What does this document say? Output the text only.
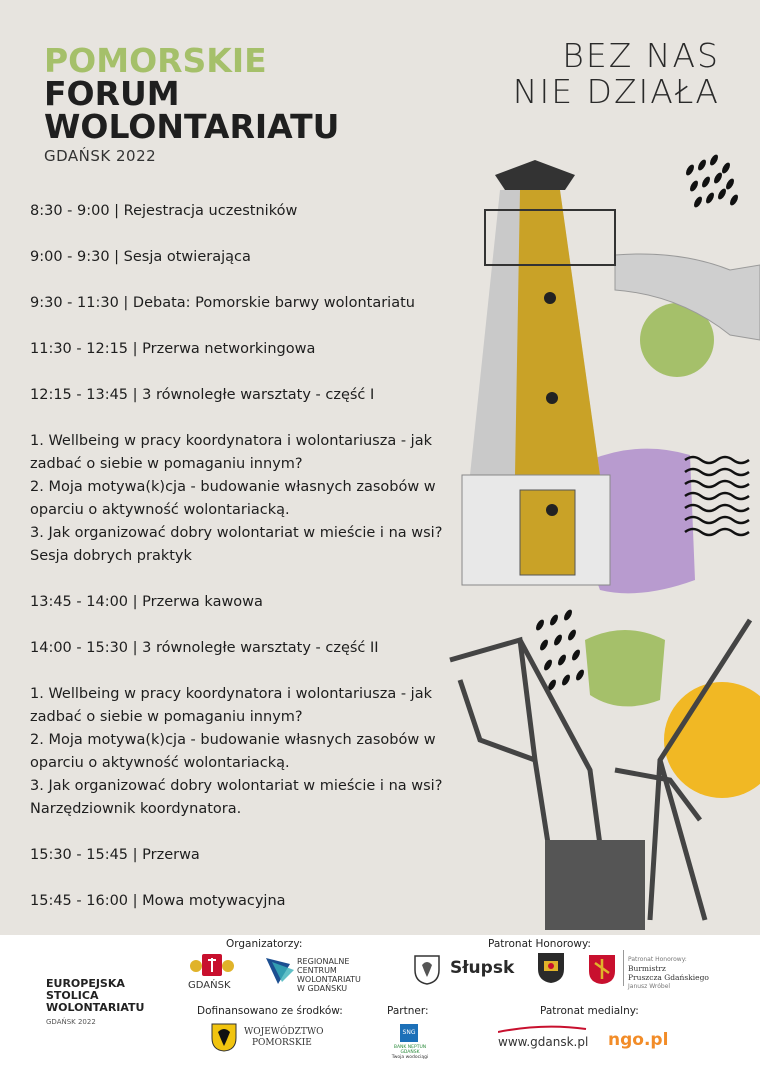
POMORSKIE
FORUM
WOLONTARIATU
GDAŃSK 2022
BEZ NAS
NIE DZIAŁA
8:30 - 9:00 | Rejestracja uczestników
9:00 - 9:30 | Sesja otwierająca
9:30 - 11:30 | Debata: Pomorskie barwy wolontariatu
11:30 - 12:15 | Przerwa networkingowa
12:15 - 13:45 | 3 równoległe warsztaty - część I
1. Wellbeing w pracy koordynatora i wolontariusza - jak zadbać o siebie w pomaganiu innym?
2. Moja motywa(k)cja - budowanie własnych zasobów w oparciu o aktywność wolontariacką.
3. Jak organizować dobry wolontariat w mieście i na wsi? Sesja dobrych praktyk
13:45 - 14:00 | Przerwa kawowa
14:00 - 15:30 | 3 równoległe warsztaty - część II
1. Wellbeing w pracy koordynatora i wolontariusza - jak zadbać o siebie w pomaganiu innym?
2. Moja motywa(k)cja - budowanie własnych zasobów w oparciu o aktywność wolontariacką.
3. Jak organizować dobry wolontariat w mieście i na wsi? Narzędziownik koordynatora.
15:30 - 15:45 | Przerwa
15:45 - 16:00 | Mowa motywacyjna
EUROPEJSKA
STOLICA
WOLONTARIATU
GDAŃSK 2022
Organizatorzy:
GDAŃSK
REGIONALNE
CENTRUM
WOLONTARIATU
W GDAŃSKU
Patronat Honorowy:
Słupsk	Patronat Honorowy:
Burmistrz
Pruszcza Gdańskiego
Janusz Wróbel
Dofinansowano ze środków:
WOJEWÓDZTWO
POMORSKIE
Partner:
SNG
BANK NEPTUN GDAŃSK
Twoja wodociągi
Patronat medialny:
www.gdansk.pl ngo.pl
